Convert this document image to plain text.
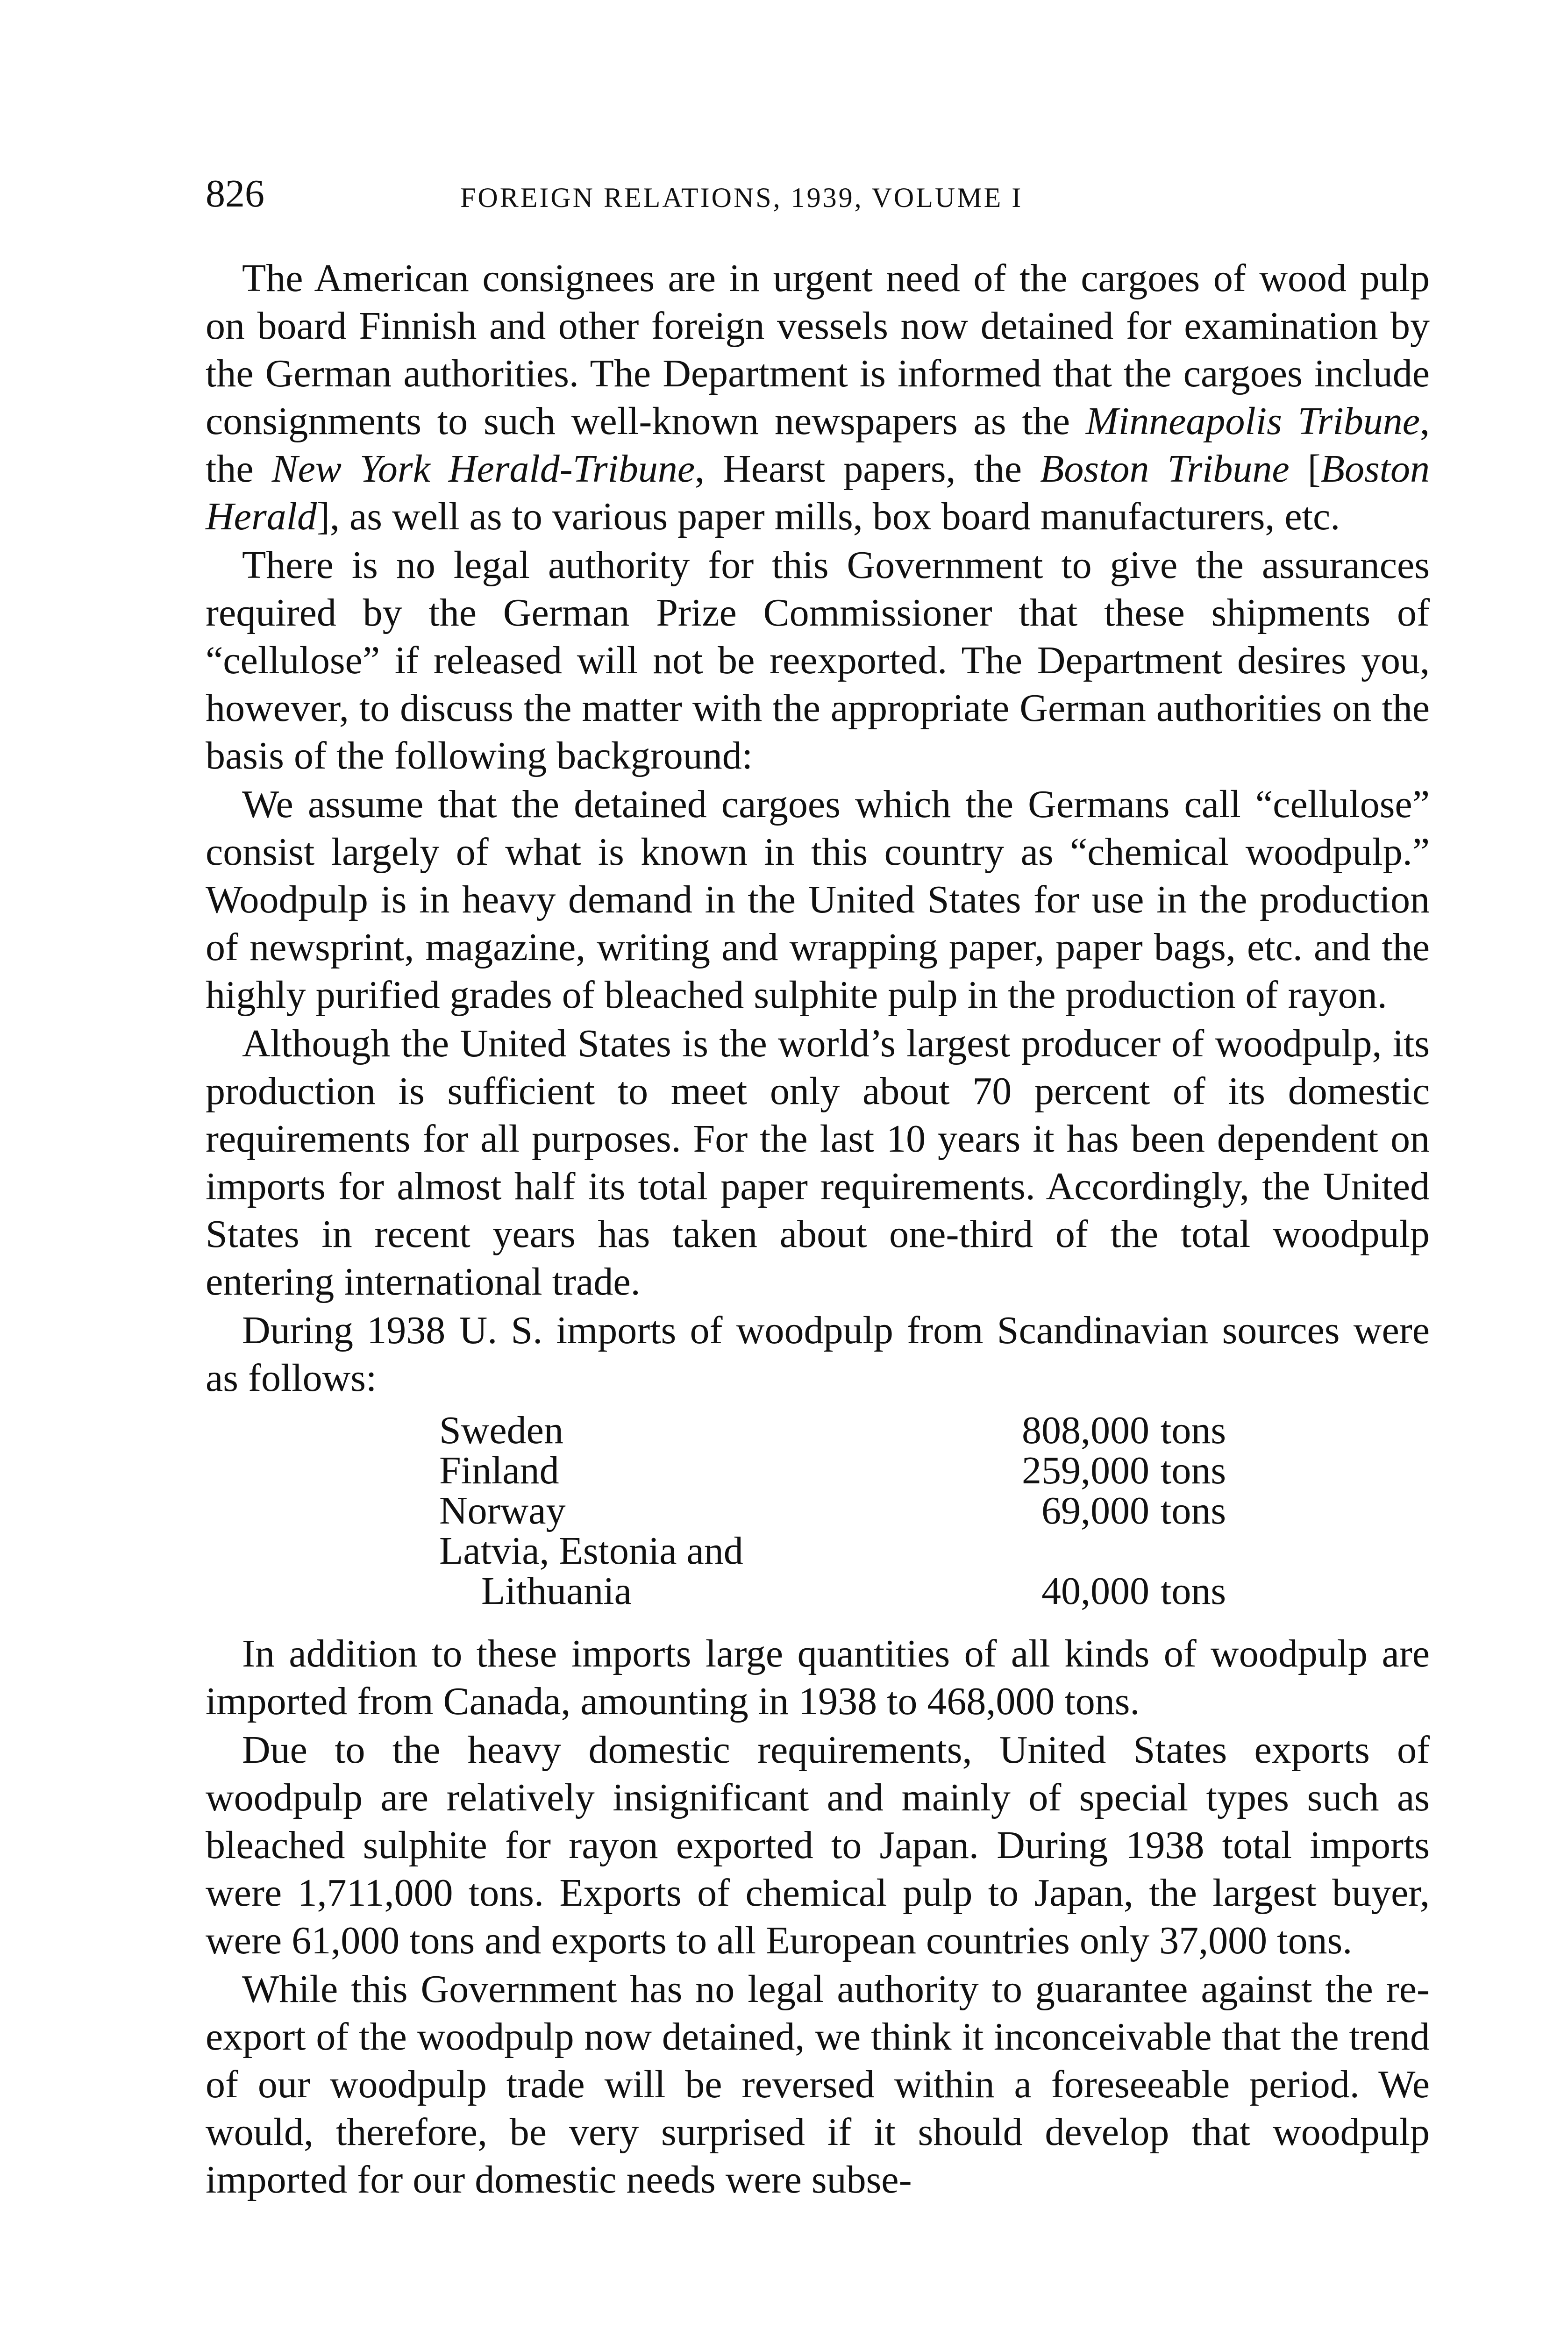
826	FOREIGN RELATIONS, 1939, VOLUME I

The American consignees are in urgent need of the cargoes of wood pulp on board Finnish and other foreign vessels now detained for examination by the German authorities. The Department is informed that the cargoes include consignments to such well-known newspapers as the Minneapolis Tribune, the New York Herald-Tribune, Hearst papers, the Boston Tribune [Boston Herald], as well as to various paper mills, box board manufacturers, etc.

There is no legal authority for this Government to give the assurances required by the German Prize Commissioner that these shipments of “cellulose” if released will not be reexported. The Department desires you, however, to discuss the matter with the appropriate German authorities on the basis of the following background:

We assume that the detained cargoes which the Germans call “cellulose” consist largely of what is known in this country as “chemical woodpulp.” Woodpulp is in heavy demand in the United States for use in the production of newsprint, magazine, writing and wrapping paper, paper bags, etc. and the highly purified grades of bleached sulphite pulp in the production of rayon.

Although the United States is the world’s largest producer of woodpulp, its production is sufficient to meet only about 70 percent of its domestic requirements for all purposes. For the last 10 years it has been dependent on imports for almost half its total paper requirements. Accordingly, the United States in recent years has taken about one-third of the total woodpulp entering international trade.

During 1938 U. S. imports of woodpulp from Scandinavian sources were as follows:

Sweden	808,000	tons
Finland	259,000	tons
Norway	69,000	tons
Latvia, Estonia and
Lithuania	40,000	tons

In addition to these imports large quantities of all kinds of woodpulp are imported from Canada, amounting in 1938 to 468,000 tons.

Due to the heavy domestic requirements, United States exports of woodpulp are relatively insignificant and mainly of special types such as bleached sulphite for rayon exported to Japan. During 1938 total imports were 1,711,000 tons. Exports of chemical pulp to Japan, the largest buyer, were 61,000 tons and exports to all European countries only 37,000 tons.

While this Government has no legal authority to guarantee against the re-export of the woodpulp now detained, we think it inconceivable that the trend of our woodpulp trade will be reversed within a foreseeable period. We would, therefore, be very surprised if it should develop that woodpulp imported for our domestic needs were subse-
